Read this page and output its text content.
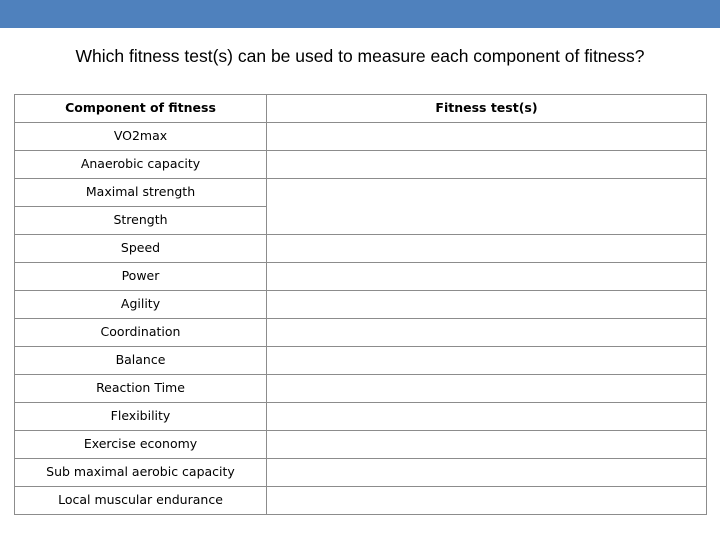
Which fitness test(s) can be used to measure each component of fitness?
Component of fitness	Fitness test(s)
VO2max	
Anaerobic capacity	
Maximal strength	
Strength	
Speed	
Power	
Agility	
Coordination	
Balance	
Reaction Time	
Flexibility	
Exercise economy	
Sub maximal aerobic capacity	
Local muscular endurance	
